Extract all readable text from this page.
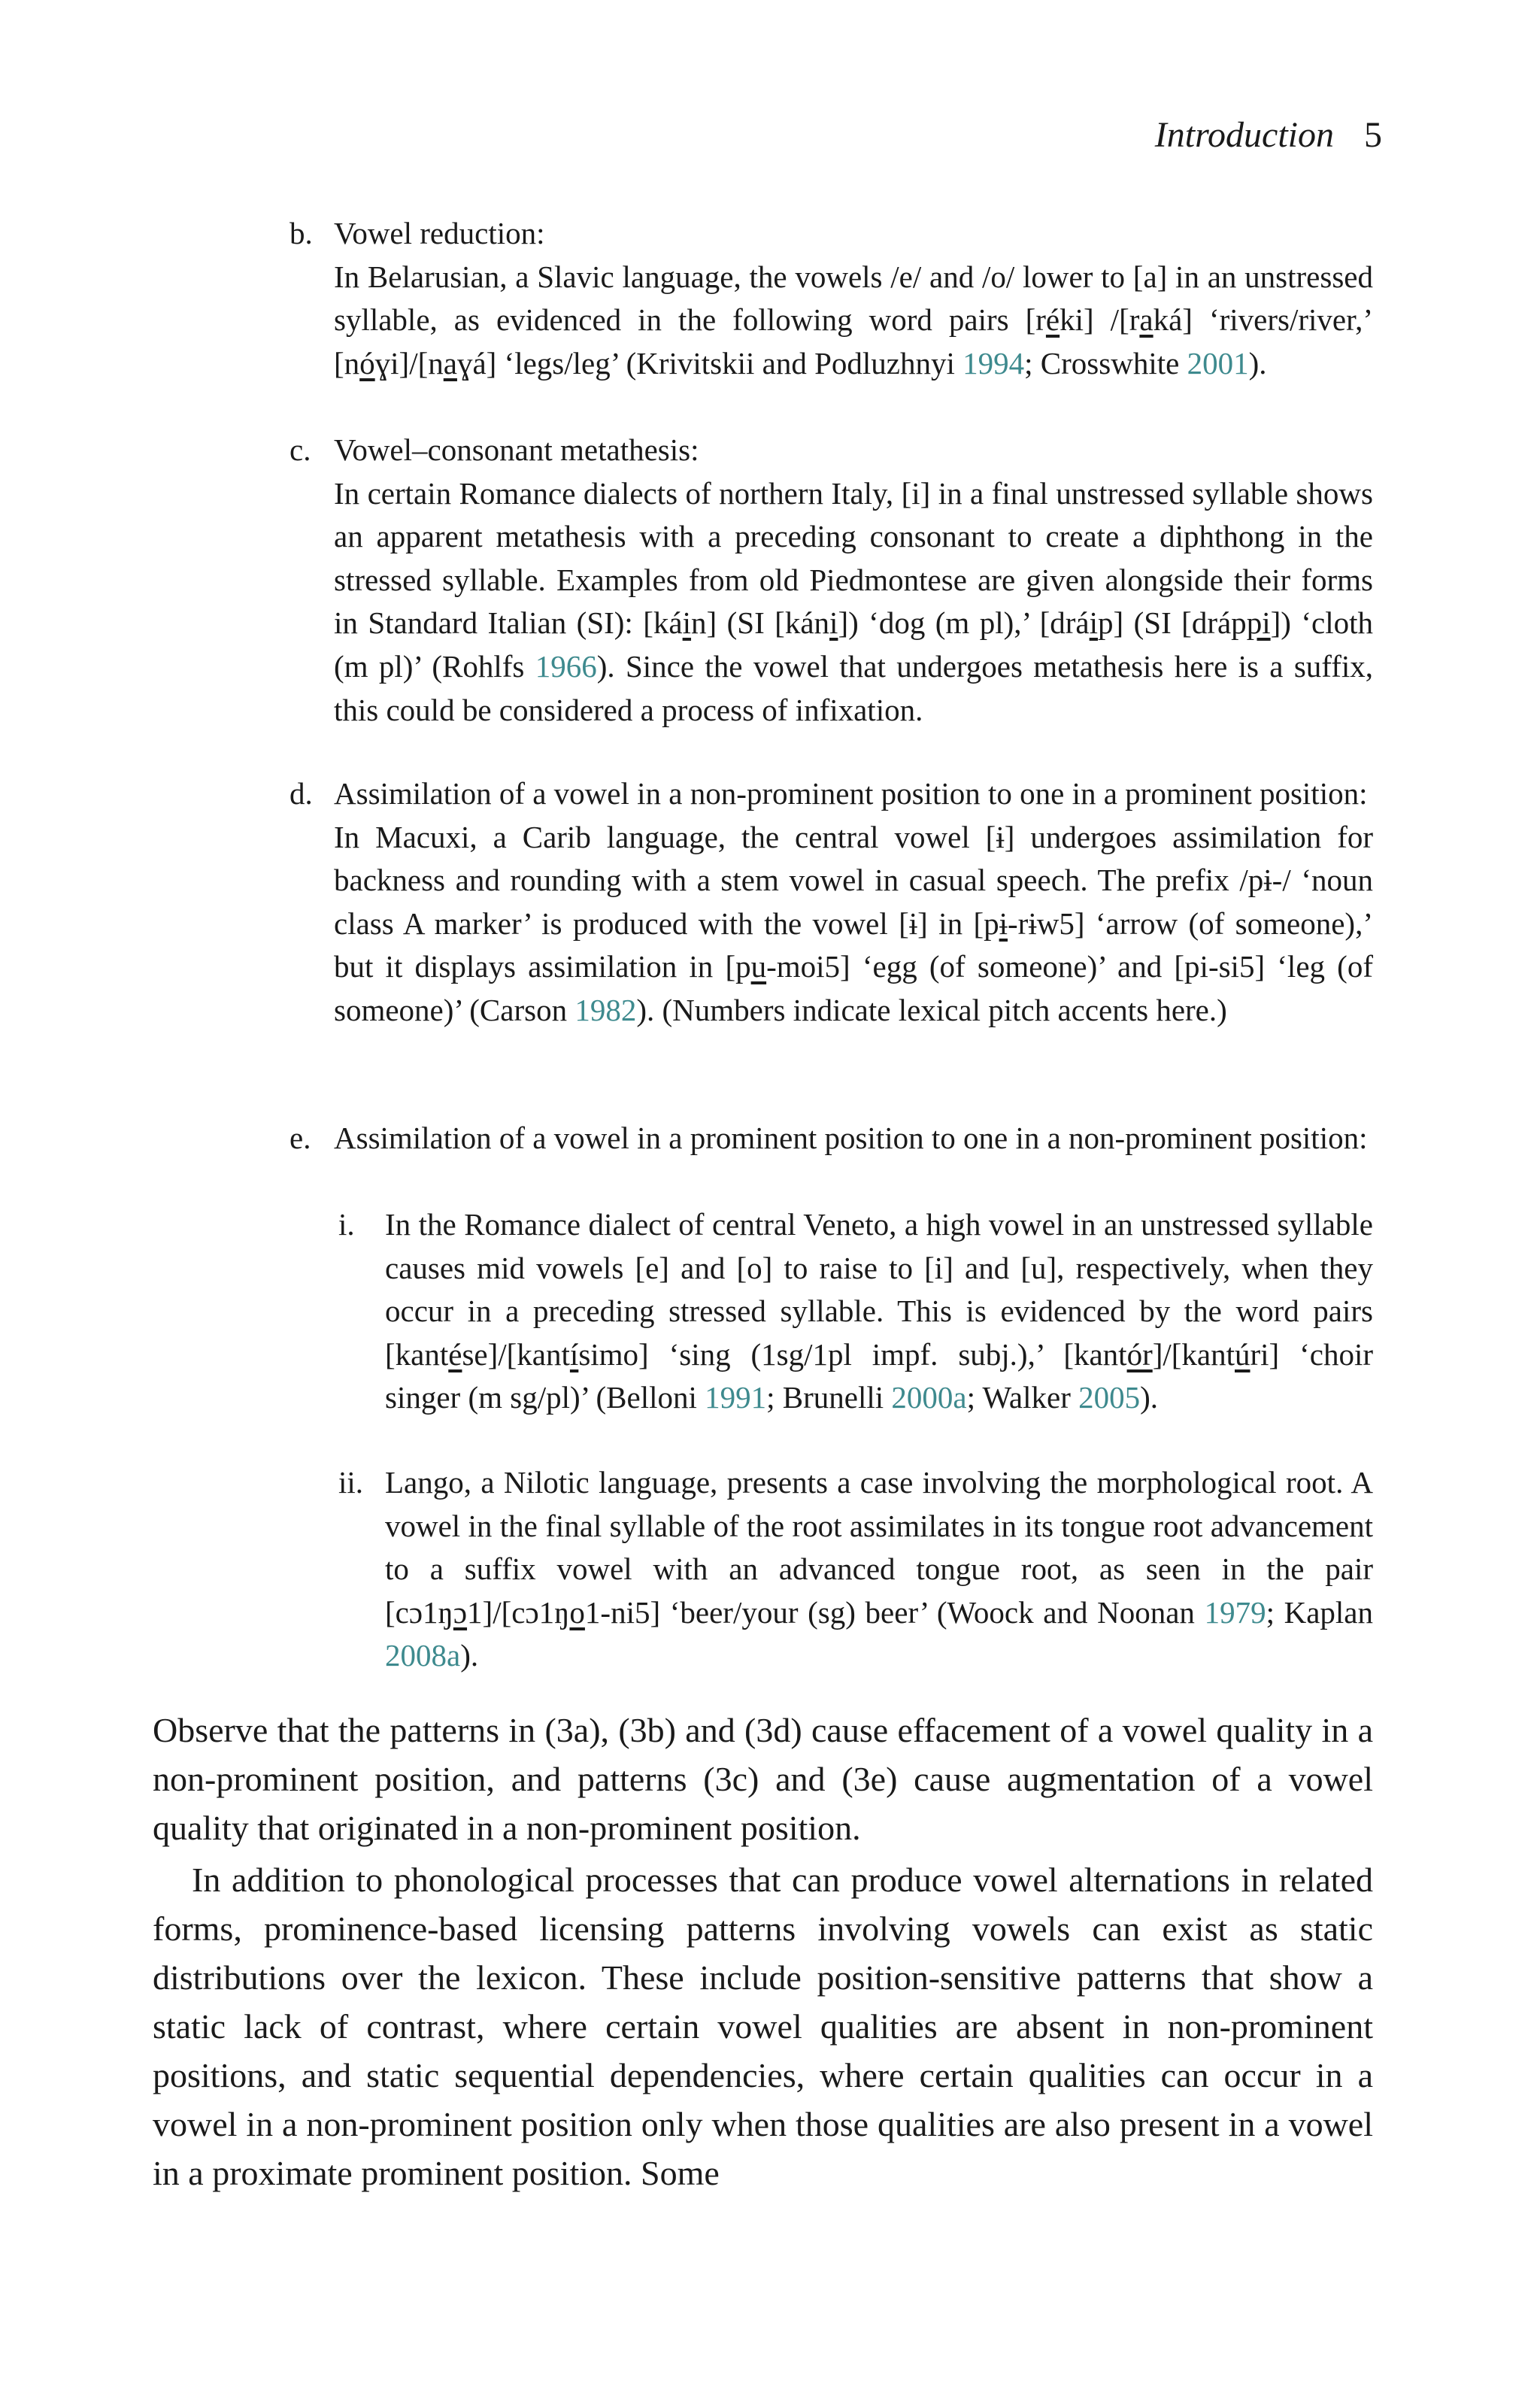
Introduction 5
b. Vowel reduction:

In Belarusian, a Slavic language, the vowels /e/ and /o/ lower to [a] in an unstressed syllable, as evidenced in the following word pairs [réki] /[raká] ‘rivers/river,’ [nóɣi]/[naɣá] ‘legs/leg’ (Krivitskii and Podluzhnyi 1994; Crosswhite 2001).

c. Vowel–consonant metathesis:

In certain Romance dialects of northern Italy, [i] in a final unstressed syllable shows an apparent metathesis with a preceding consonant to create a diphthong in the stressed syllable. Examples from old Piedmontese are given alongside their forms in Standard Italian (SI): [káin] (SI [káni]) ‘dog (m pl),’ [dráip] (SI [dráppi]) ‘cloth (m pl)’ (Rohlfs 1966). Since the vowel that undergoes metathesis here is a suffix, this could be considered a process of infixation.

d. Assimilation of a vowel in a non-prominent position to one in a prominent position:

In Macuxi, a Carib language, the central vowel [ɨ] undergoes assimilation for backness and rounding with a stem vowel in casual speech. The prefix /pɨ-/ ‘noun class A marker’ is produced with the vowel [ɨ] in [pɨ-rɨw5] ‘arrow (of someone),’ but it displays assimilation in [pu-moi5] ‘egg (of someone)’ and [pi-si5] ‘leg (of someone)’ (Carson 1982). (Numbers indicate lexical pitch accents here.)

e. Assimilation of a vowel in a prominent position to one in a non-prominent position:

i. In the Romance dialect of central Veneto, a high vowel in an unstressed syllable causes mid vowels [e] and [o] to raise to [i] and [u], respectively, when they occur in a preceding stressed syllable. This is evidenced by the word pairs [kantése]/[kantísimo] ‘sing (1sg/1pl impf. subj.),’ [kantór]/[kantúri] ‘choir singer (m sg/pl)’ (Belloni 1991; Brunelli 2000a; Walker 2005).

ii. Lango, a Nilotic language, presents a case involving the morphological root. A vowel in the final syllable of the root assimilates in its tongue root advancement to a suffix vowel with an advanced tongue root, as seen in the pair [cɔ1ŋɔ1]/[cɔ1ŋo1-ni5] ‘beer/your (sg) beer’ (Woock and Noonan 1979; Kaplan 2008a).

Observe that the patterns in (3a), (3b) and (3d) cause effacement of a vowel quality in a non-prominent position, and patterns (3c) and (3e) cause augmentation of a vowel quality that originated in a non-prominent position.

In addition to phonological processes that can produce vowel alternations in related forms, prominence-based licensing patterns involving vowels can exist as static distributions over the lexicon. These include position-sensitive patterns that show a static lack of contrast, where certain vowel qualities are absent in non-prominent positions, and static sequential dependencies, where certain qualities can occur in a vowel in a non-prominent position only when those qualities are also present in a vowel in a proximate prominent position. Some
